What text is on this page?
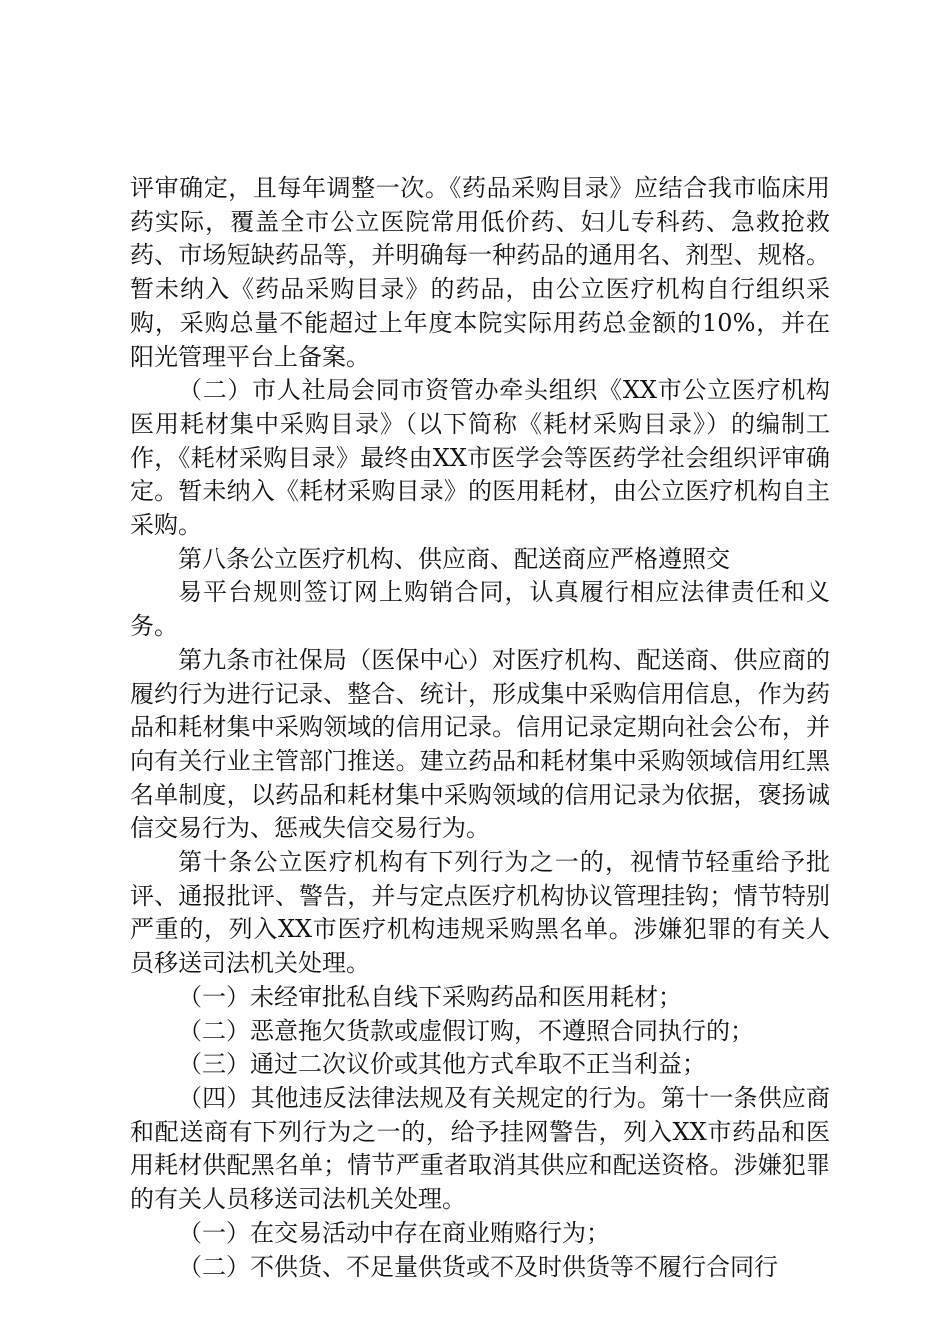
评审确定，且每年调整一次。《药品采购目录》应结合我市临床用药实际，覆盖全市公立医院常用低价药、妇儿专科药、急救抢救药、市场短缺药品等，并明确每一种药品的通用名、剂型、规格。暂未纳入《药品采购目录》的药品，由公立医疗机构自行组织采购，采购总量不能超过上年度本院实际用药总金额的10%，并在阳光管理平台上备案。

（二）市人社局会同市资管办牵头组织《XX市公立医疗机构医用耗材集中采购目录》（以下简称《耗材采购目录》）的编制工作，《耗材采购目录》最终由XX市医学会等医药学社会组织评审确定。暂未纳入《耗材采购目录》的医用耗材，由公立医疗机构自主采购。

第八条公立医疗机构、供应商、配送商应严格遵照交

易平台规则签订网上购销合同，认真履行相应法律责任和义务。

第九条市社保局（医保中心）对医疗机构、配送商、供应商的履约行为进行记录、整合、统计，形成集中采购信用信息，作为药品和耗材集中采购领域的信用记录。信用记录定期向社会公布，并向有关行业主管部门推送。建立药品和耗材集中采购领域信用红黑名单制度，以药品和耗材集中采购领域的信用记录为依据，褒扬诚信交易行为、惩戒失信交易行为。

第十条公立医疗机构有下列行为之一的，视情节轻重给予批评、通报批评、警告，并与定点医疗机构协议管理挂钩；情节特别严重的，列入XX市医疗机构违规采购黑名单。涉嫌犯罪的有关人员移送司法机关处理。

（一）未经审批私自线下采购药品和医用耗材；

（二）恶意拖欠货款或虚假订购，不遵照合同执行的；

（三）通过二次议价或其他方式牟取不正当利益；

（四）其他违反法律法规及有关规定的行为。第十一条供应商和配送商有下列行为之一的，给予挂网警告，列入XX市药品和医用耗材供配黑名单；情节严重者取消其供应和配送资格。涉嫌犯罪的有关人员移送司法机关处理。

（一）在交易活动中存在商业贿赂行为；

（二）不供货、不足量供货或不及时供货等不履行合同行
